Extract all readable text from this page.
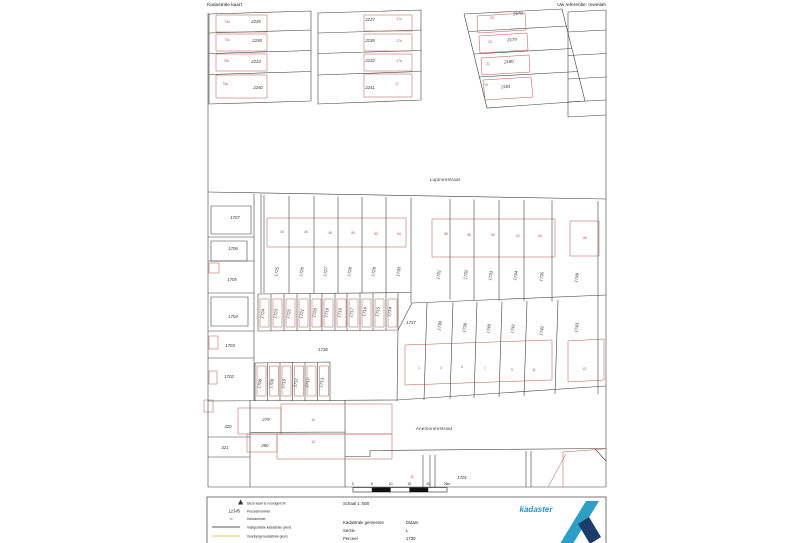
Kadastrale kaart	Uw referentie: mweilah
Lupinenstraat
Anemonenstraat
2235
2238
2233
2240
2237
2236
2232
2241
2178
2179
2180
2181
1707
1706
1705
1704
1703
1702
1725	1726	1727	1728	1729	1730	1731	1732	1733	1734	1735	1749
1724 1723 1722 1721 1720 1719 1718 1717 1716 1715 1714
1736
1737	1738	1739	1740	1741	1742	1743
1708 1709 1710 1711 1712 1713
320
321
279
280
1701
73d
73c
73b
73a
17c
17b
17a
17
25
23
21
19
44	46	48	50	52	54	56	58	60	62	64	66
1	3	5	7	9	11	13
15
13
10
0	5	10	15	20	25m
Deze kaart is noordgericht
12345 Perceelnummer
25	Huisnummer
Vastgestelde kadastrale grens
Voorlopige kadastrale grens
Schaal 1: 500
Kadastrale gemeente	Didam
Sectie	L
Perceel	1730
kadaster
